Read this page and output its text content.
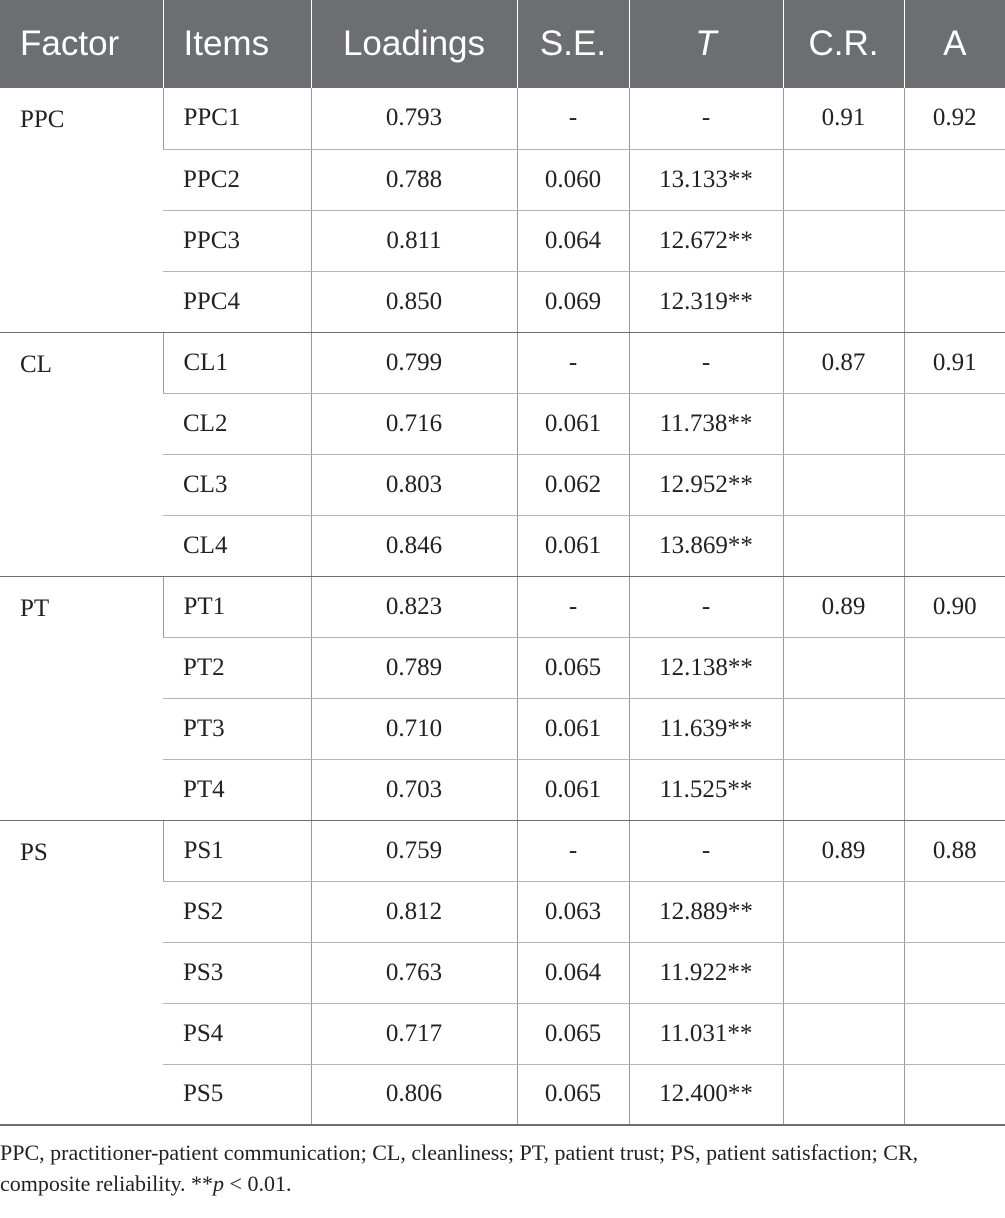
Factor	Items	Loadings	S.E.	T	C.R.	A
PPC	PPC1	0.793	-	-	0.91	0.92
	PPC2	0.788	0.060	13.133**		
	PPC3	0.811	0.064	12.672**		
	PPC4	0.850	0.069	12.319**		
CL	CL1	0.799	-	-	0.87	0.91
	CL2	0.716	0.061	11.738**		
	CL3	0.803	0.062	12.952**		
	CL4	0.846	0.061	13.869**		
PT	PT1	0.823	-	-	0.89	0.90
	PT2	0.789	0.065	12.138**		
	PT3	0.710	0.061	11.639**		
	PT4	0.703	0.061	11.525**		
PS	PS1	0.759	-	-	0.89	0.88
	PS2	0.812	0.063	12.889**		
	PS3	0.763	0.064	11.922**		
	PS4	0.717	0.065	11.031**		
	PS5	0.806	0.065	12.400**		
PPC, practitioner-patient communication; CL, cleanliness; PT, patient trust; PS, patient satisfaction; CR, composite reliability. **p < 0.01.
